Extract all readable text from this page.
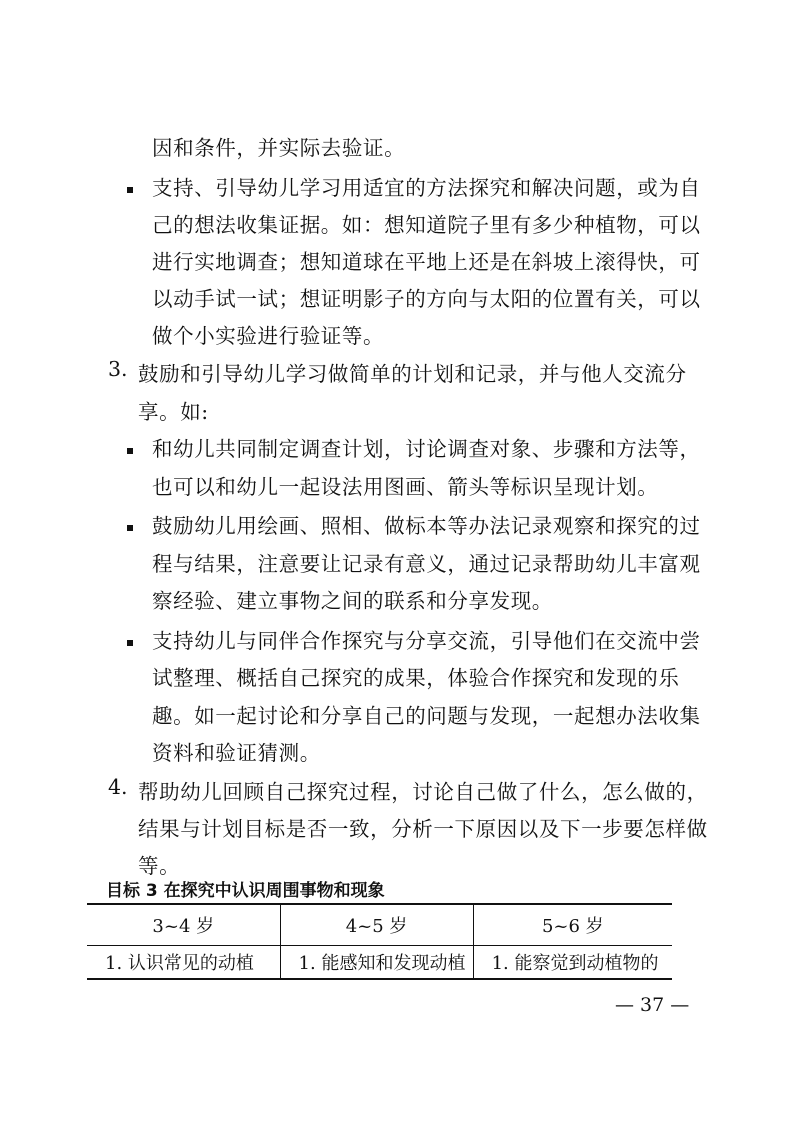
因和条件，并实际去验证。
支持、引导幼儿学习用适宜的方法探究和解决问题，或为自
己的想法收集证据。如：想知道院子里有多少种植物，可以
进行实地调查；想知道球在平地上还是在斜坡上滚得快，可
以动手试一试；想证明影子的方向与太阳的位置有关，可以
做个小实验进行验证等。
3. 鼓励和引导幼儿学习做简单的计划和记录，并与他人交流分
享。如:
和幼儿共同制定调查计划，讨论调查对象、步骤和方法等，
也可以和幼儿一起设法用图画、箭头等标识呈现计划。
鼓励幼儿用绘画、照相、做标本等办法记录观察和探究的过
程与结果，注意要让记录有意义，通过记录帮助幼儿丰富观
察经验、建立事物之间的联系和分享发现。
支持幼儿与同伴合作探究与分享交流，引导他们在交流中尝
试整理、概括自己探究的成果，体验合作探究和发现的乐
趣。如一起讨论和分享自己的问题与发现，一起想办法收集
资料和验证猜测。
4. 帮助幼儿回顾自己探究过程，讨论自己做了什么，怎么做的，
结果与计划目标是否一致，分析一下原因以及下一步要怎样做
等。
目标 3 在探究中认识周围事物和现象
3~4 岁	4~5 岁	5~6 岁
1. 认识常见的动植	1. 能感知和发现动植	1. 能察觉到动植物的
— 37 —
